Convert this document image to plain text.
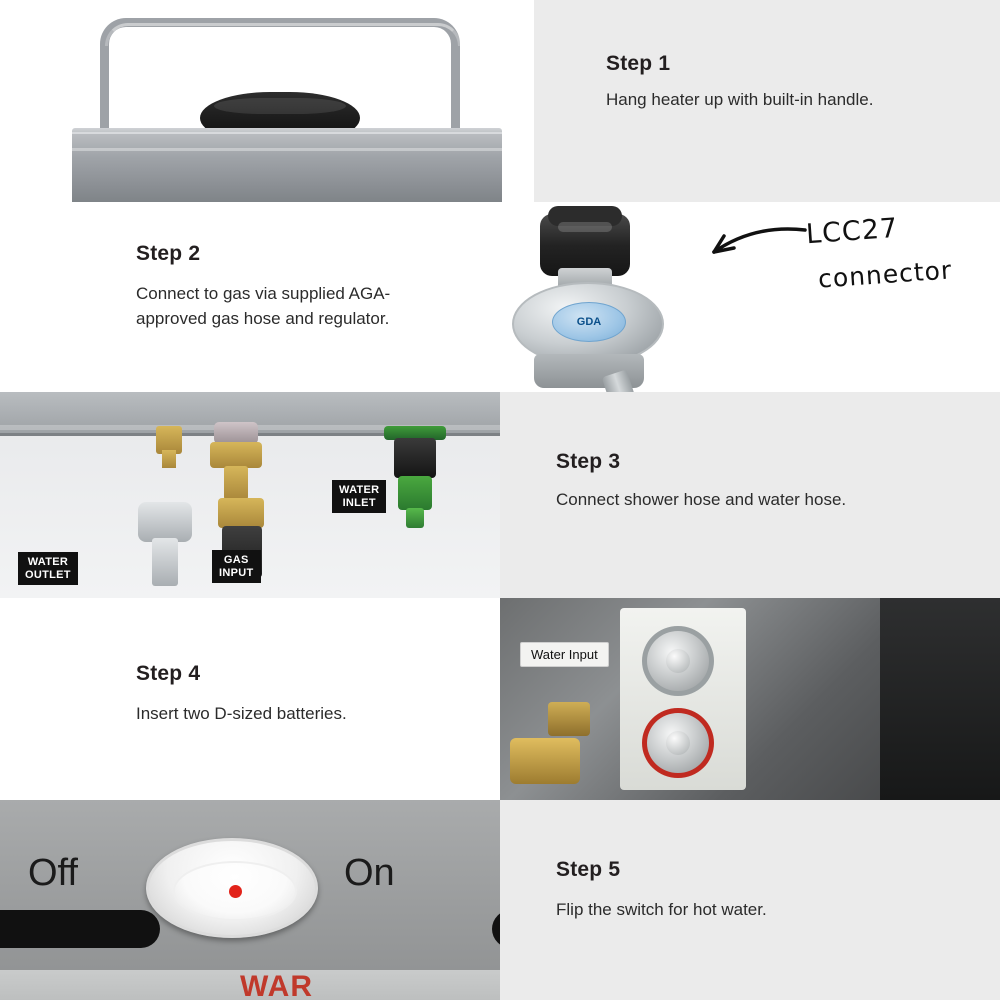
Step 1
Hang heater up with built-in handle.
Step 2
Connect to gas via supplied AGA-approved gas hose and regulator.	GDA
LCC27
connector
WATER
INLET
WATER
OUTLET
GAS
INPUT
Step 3
Connect shower hose and water hose.
Step 4
Insert two D-sized batteries.
Water Input
Off	On
WAR
Step 5
Flip the switch for hot water.
